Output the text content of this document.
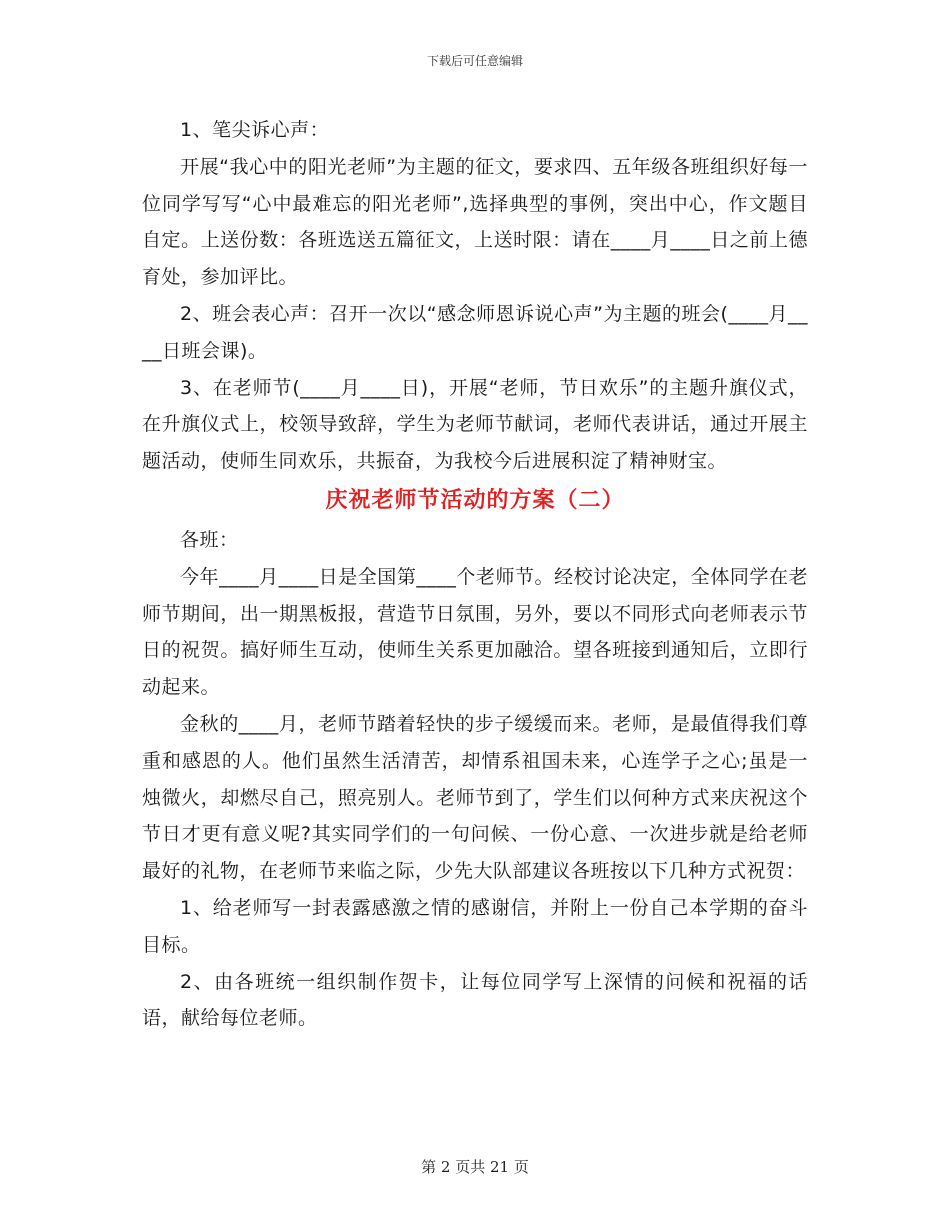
下载后可任意编辑

1、笔尖诉心声：

开展“我心中的阳光老师”为主题的征文，要求四、五年级各班组织好每一位同学写写“心中最难忘的阳光老师”,选择典型的事例，突出中心，作文题目自定。上送份数：各班选送五篇征文，上送时限：请在____月____日之前上德育处，参加评比。

2、班会表心声：召开一次以“感念师恩诉说心声”为主题的班会(____月____日班会课)。

3、在老师节(____月____日)，开展“老师，节日欢乐”的主题升旗仪式，在升旗仪式上，校领导致辞，学生为老师节献词，老师代表讲话，通过开展主题活动，使师生同欢乐，共振奋，为我校今后进展积淀了精神财宝。

庆祝老师节活动的方案（二）

各班：

今年____月____日是全国第____个老师节。经校讨论决定，全体同学在老师节期间，出一期黑板报，营造节日氛围，另外，要以不同形式向老师表示节日的祝贺。搞好师生互动，使师生关系更加融洽。望各班接到通知后，立即行动起来。

金秋的____月，老师节踏着轻快的步子缓缓而来。老师，是最值得我们尊重和感恩的人。他们虽然生活清苦，却情系祖国未来，心连学子之心;虽是一烛微火，却燃尽自己，照亮别人。老师节到了，学生们以何种方式来庆祝这个节日才更有意义呢?其实同学们的一句问候、一份心意、一次进步就是给老师最好的礼物，在老师节来临之际，少先大队部建议各班按以下几种方式祝贺：

1、给老师写一封表露感激之情的感谢信，并附上一份自己本学期的奋斗目标。

2、由各班统一组织制作贺卡，让每位同学写上深情的问候和祝福的话语，献给每位老师。

第 2 页共 21 页
